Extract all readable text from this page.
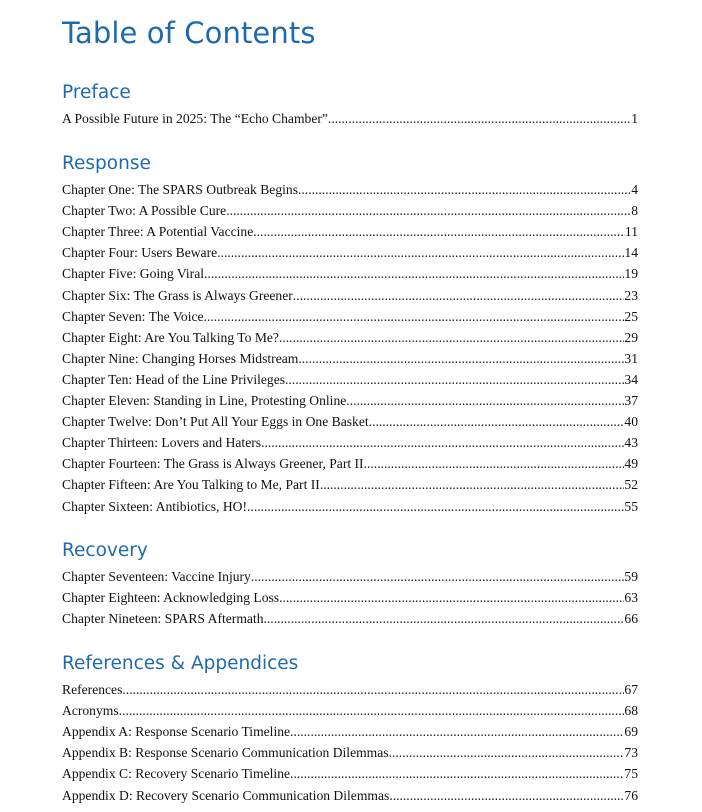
Table of Contents
Preface
A Possible Future in 2025: The “Echo Chamber” .....	1
Response
Chapter One: The SPARS Outbreak Begins .....	4
Chapter Two: A Possible Cure .....	8
Chapter Three: A Potential Vaccine .....	11
Chapter Four: Users Beware .....	14
Chapter Five: Going Viral .....	19
Chapter Six: The Grass is Always Greener .....	23
Chapter Seven: The Voice .....	25
Chapter Eight: Are You Talking To Me? .....	29
Chapter Nine: Changing Horses Midstream .....	31
Chapter Ten: Head of the Line Privileges .....	34
Chapter Eleven: Standing in Line, Protesting Online .....	37
Chapter Twelve: Don’t Put All Your Eggs in One Basket .....	40
Chapter Thirteen: Lovers and Haters .....	43
Chapter Fourteen: The Grass is Always Greener, Part II .....	49
Chapter Fifteen: Are You Talking to Me, Part II .....	52
Chapter Sixteen: Antibiotics, HO! .....	55
Recovery
Chapter Seventeen: Vaccine Injury .....	59
Chapter Eighteen: Acknowledging Loss .....	63
Chapter Nineteen: SPARS Aftermath .....	66
References & Appendices
References .....	67
Acronyms .....	68
Appendix A: Response Scenario Timeline .....	69
Appendix B: Response Scenario Communication Dilemmas .....	73
Appendix C: Recovery Scenario Timeline .....	75
Appendix D: Recovery Scenario Communication Dilemmas .....	76
